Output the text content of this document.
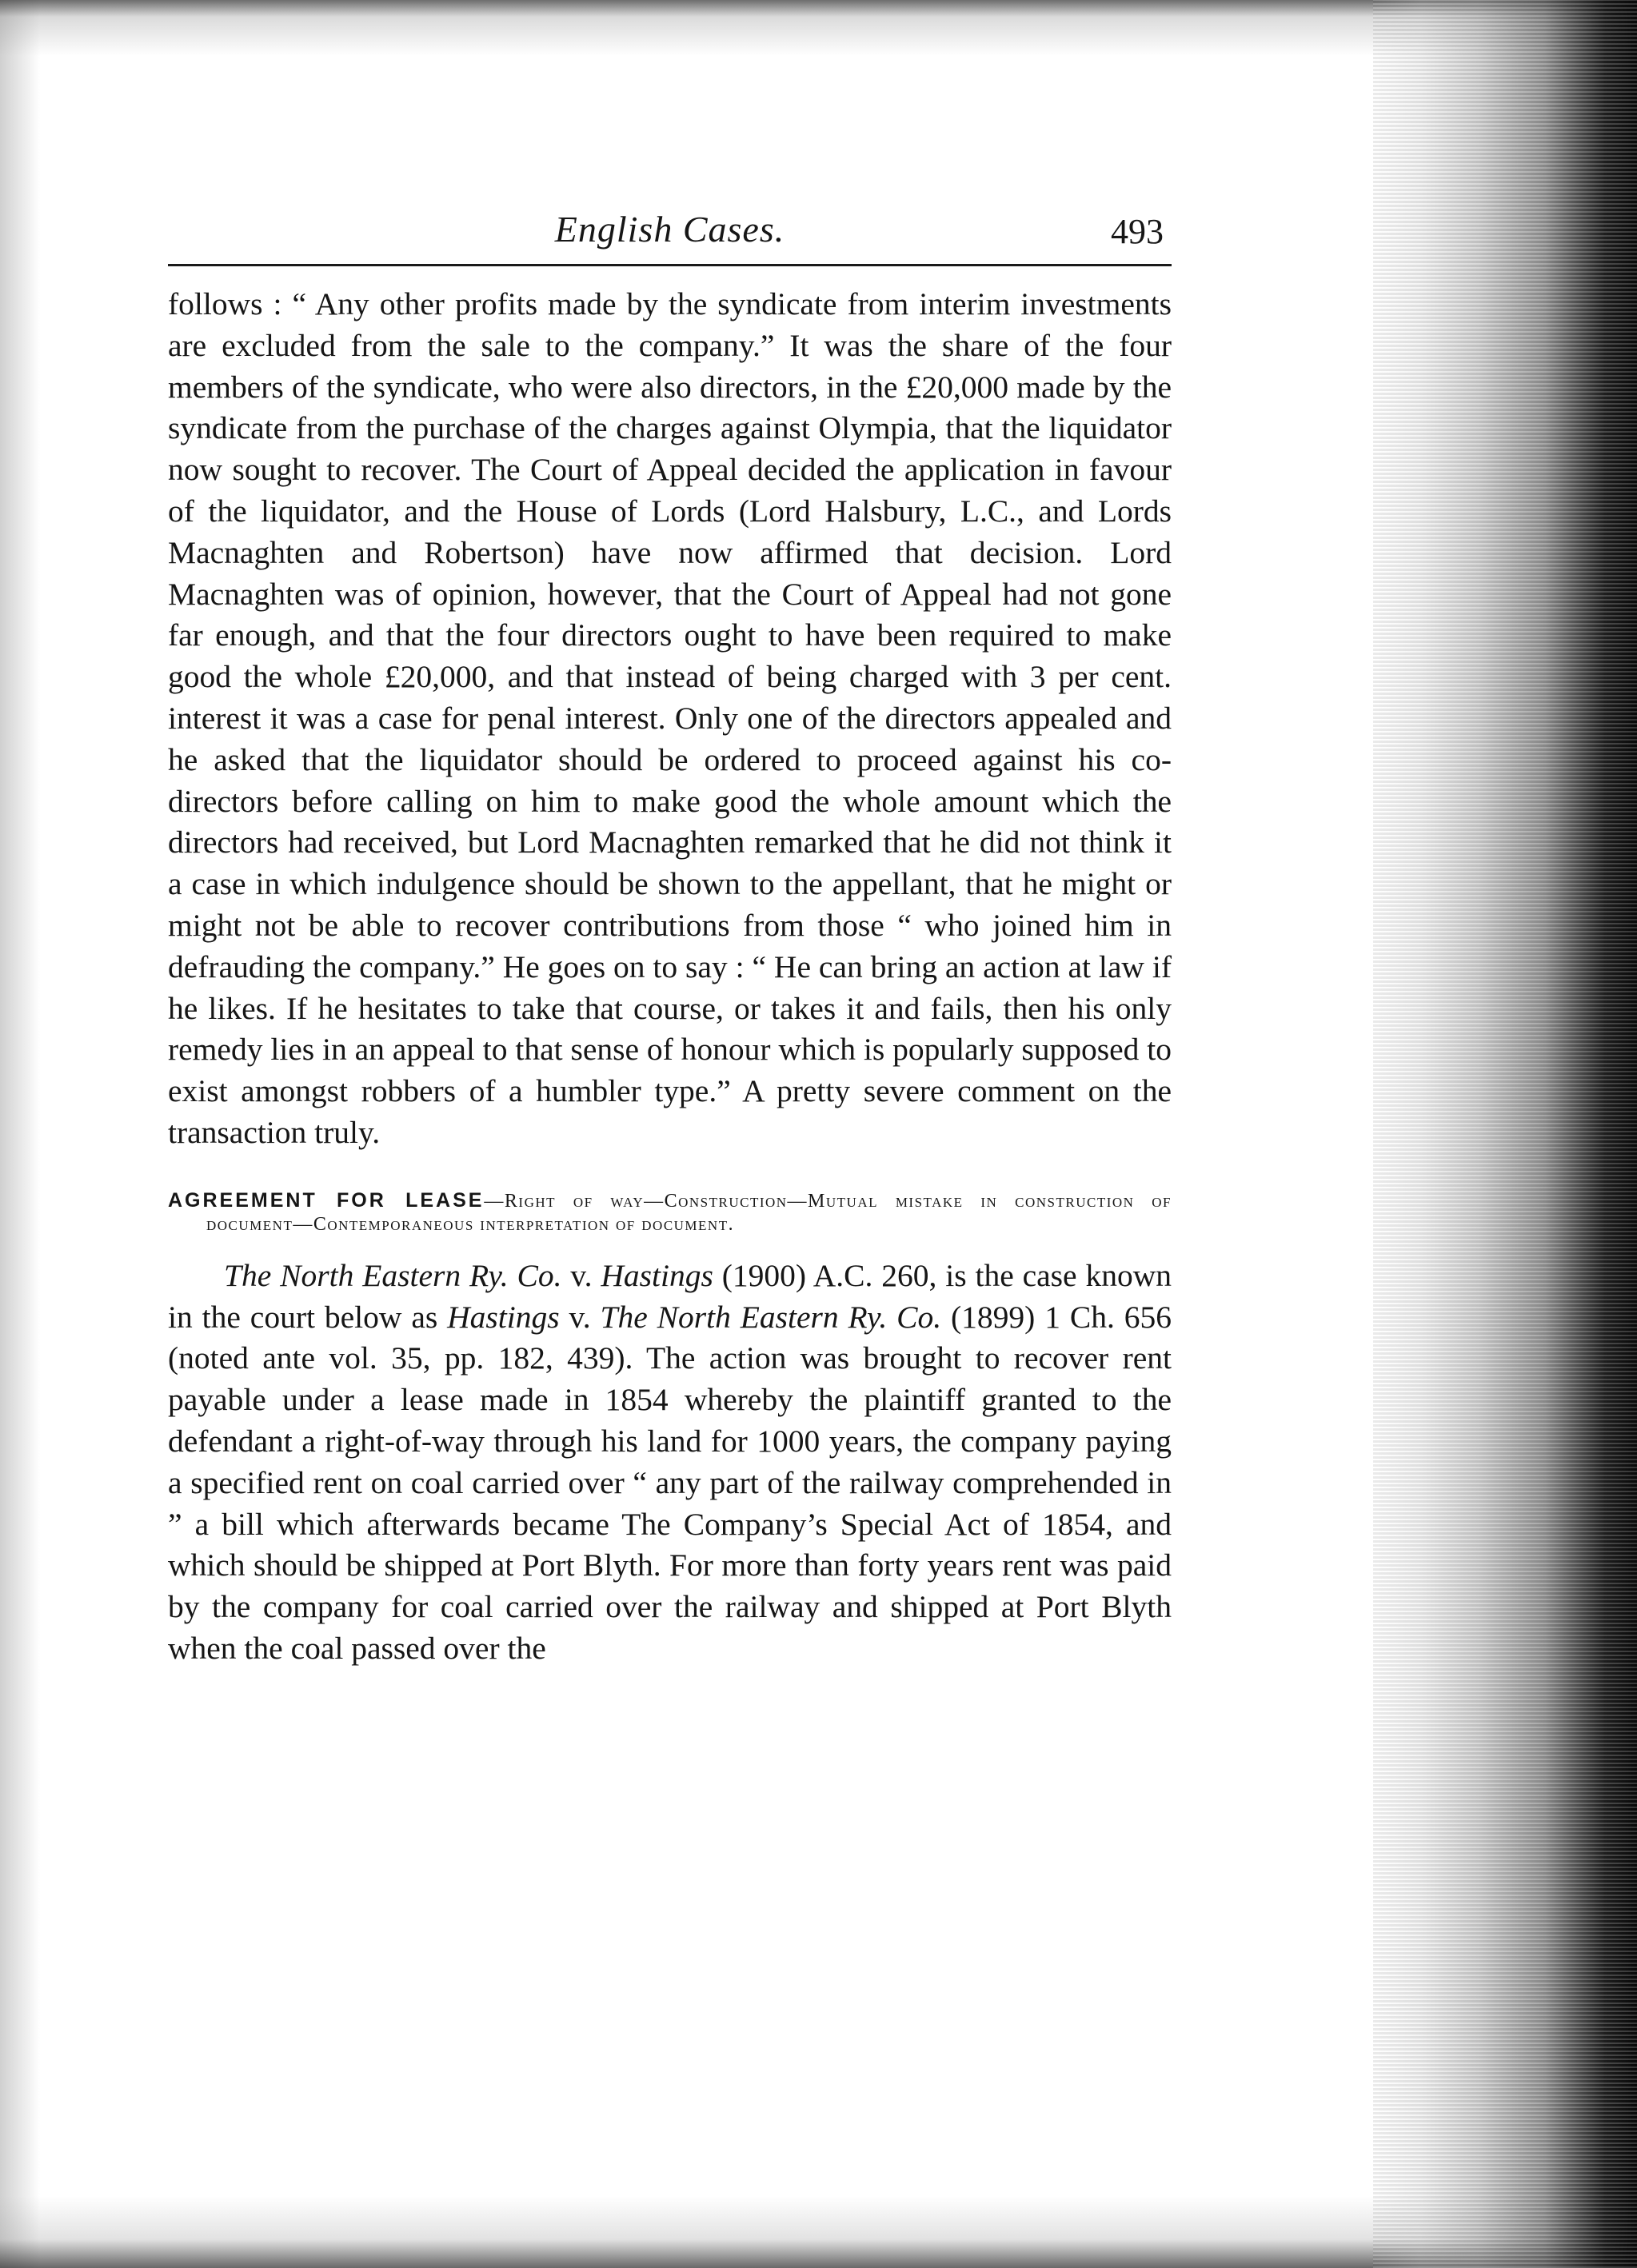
English Cases.	493

follows : “ Any other profits made by the syndicate from interim investments are excluded from the sale to the company.” It was the share of the four members of the syndicate, who were also directors, in the £20,000 made by the syndicate from the purchase of the charges against Olympia, that the liquidator now sought to recover. The Court of Appeal decided the application in favour of the liquidator, and the House of Lords (Lord Halsbury, L.C., and Lords Macnaghten and Robertson) have now affirmed that decision. Lord Macnaghten was of opinion, however, that the Court of Appeal had not gone far enough, and that the four directors ought to have been required to make good the whole £20,000, and that instead of being charged with 3 per cent. interest it was a case for penal interest. Only one of the directors appealed and he asked that the liquidator should be ordered to proceed against his co-directors before calling on him to make good the whole amount which the directors had received, but Lord Macnaghten remarked that he did not think it a case in which indulgence should be shown to the appellant, that he might or might not be able to recover contributions from those “ who joined him in defrauding the company.” He goes on to say : “ He can bring an action at law if he likes. If he hesitates to take that course, or takes it and fails, then his only remedy lies in an appeal to that sense of honour which is popularly supposed to exist amongst robbers of a humbler type.” A pretty severe comment on the transaction truly.

AGREEMENT FOR LEASE—Right of way—Construction—Mutual mistake in construction of document—Contemporaneous interpretation of document.

The North Eastern Ry. Co. v. Hastings (1900) A.C. 260, is the case known in the court below as Hastings v. The North Eastern Ry. Co. (1899) 1 Ch. 656 (noted ante vol. 35, pp. 182, 439). The action was brought to recover rent payable under a lease made in 1854 whereby the plaintiff granted to the defendant a right-of-way through his land for 1000 years, the company paying a specified rent on coal carried over “ any part of the railway comprehended in ” a bill which afterwards became The Company’s Special Act of 1854, and which should be shipped at Port Blyth. For more than forty years rent was paid by the company for coal carried over the railway and shipped at Port Blyth when the coal passed over the
